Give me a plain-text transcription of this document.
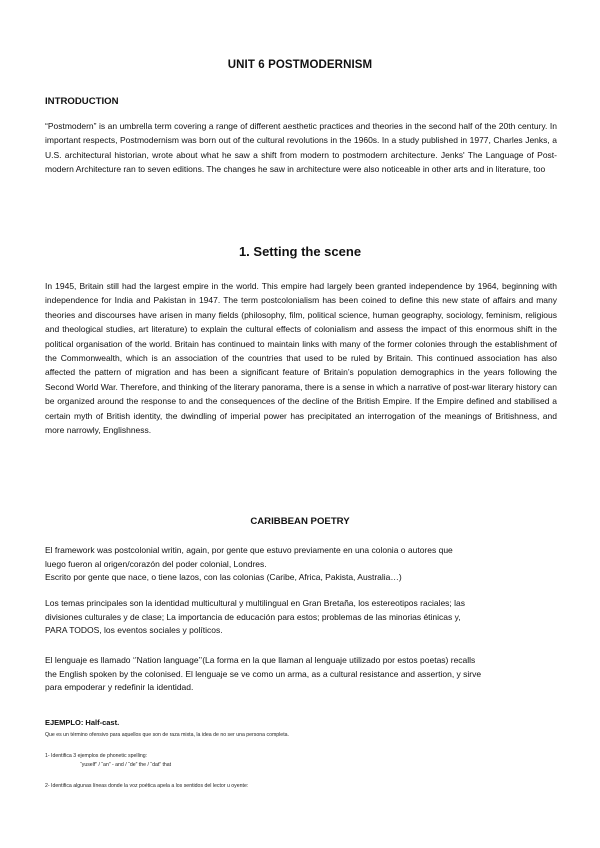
UNIT 6 POSTMODERNISM
INTRODUCTION

“Postmodern” is an umbrella term covering a range of different aesthetic practices and theories in the second half of the 20th century. In important respects, Postmodernism was born out of the cultural revolutions in the 1960s. In a study published in 1977, Charles Jenks, a U.S. architectural historian, wrote about what he saw a shift from modern to postmodern architecture. Jenks' The Language of Post-modern Architecture ran to seven editions. The changes he saw in architecture were also noticeable in other arts and in literature, too

1. Setting the scene

In 1945, Britain still had the largest empire in the world. This empire had largely been granted independence by 1964, beginning with independence for India and Pakistan in 1947. The term postcolonialism has been coined to define this new state of affairs and many theories and discourses have arisen in many fields (philosophy, film, political science, human geography, sociology, feminism, religious and theological studies, art literature) to explain the cultural effects of colonialism and assess the impact of this enormous shift in the political organisation of the world. Britain has continued to maintain links with many of the former colonies through the establishment of the Commonwealth, which is an association of the countries that used to be ruled by Britain. This continued association has also affected the pattern of migration and has been a significant feature of Britain’s population demographics in the years following the Second World War. Therefore, and thinking of the literary panorama, there is a sense in which a narrative of post-war literary history can be organized around the response to and the consequences of the decline of the British Empire. If the Empire defined and stabilised a certain myth of British identity, the dwindling of imperial power has precipitated an interrogation of the meanings of Britishness, and more narrowly, Englishness.

CARIBBEAN POETRY
El framework was postcolonial writin, again, por gente que estuvo previamente en una colonia o autores que
luego fueron al origen/corazón del poder colonial, Londres.
Escrito por gente que nace, o tiene lazos, con las colonias (Caribe, Africa, Pakista, Australia…)
Los temas principales son la identidad multicultural y multilingual en Gran Bretaña, los estereotipos raciales; las
divisiones culturales y de clase; La importancia de educación para estos; problemas de las minorias étinicas y,
PARA TODOS, los eventos sociales y políticos.
El lenguaje es llamado ‘’Nation language’’(La forma en la que llaman al lenguaje utilizado por estos poetas) recalls
the English spoken by the colonised. El lenguaje se ve como un arma, as a cultural resistance and assertion, y sirve
para empoderar y redefinir la identidad.
EJEMPLO: Half-cast.
Que es un término ofensivo para aquellos que son de raza mixta, la idea de no ser una persona completa.
1- Identifica 3 ejemplos de phonetic spelling:
“yuself” / “an” - and / “de” the / “dat” that
2- Identifica algunas líneas donde la voz poética apela a los sentidos del lector u oyente:
